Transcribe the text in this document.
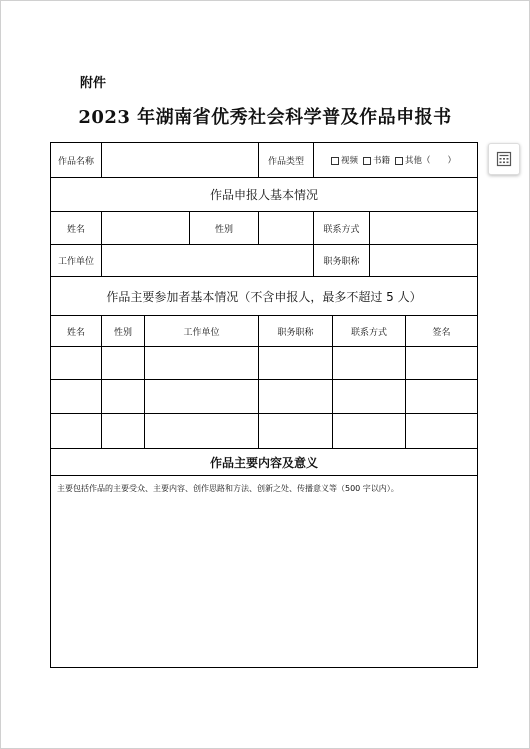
附件
2023 年湖南省优秀社会科学普及作品申报书
作品名称	作品类型	视频	书籍	其他（　　）
作品申报人基本情况
姓名	性别	联系方式
工作单位	职务职称
作品主要参加者基本情况（不含申报人，最多不超过 5 人）
姓名	性别	工作单位	职务职称	联系方式	签名
作品主要内容及意义
主要包括作品的主要受众、主要内容、创作思路和方法、创新之处、传播意义等（500 字以内）。
